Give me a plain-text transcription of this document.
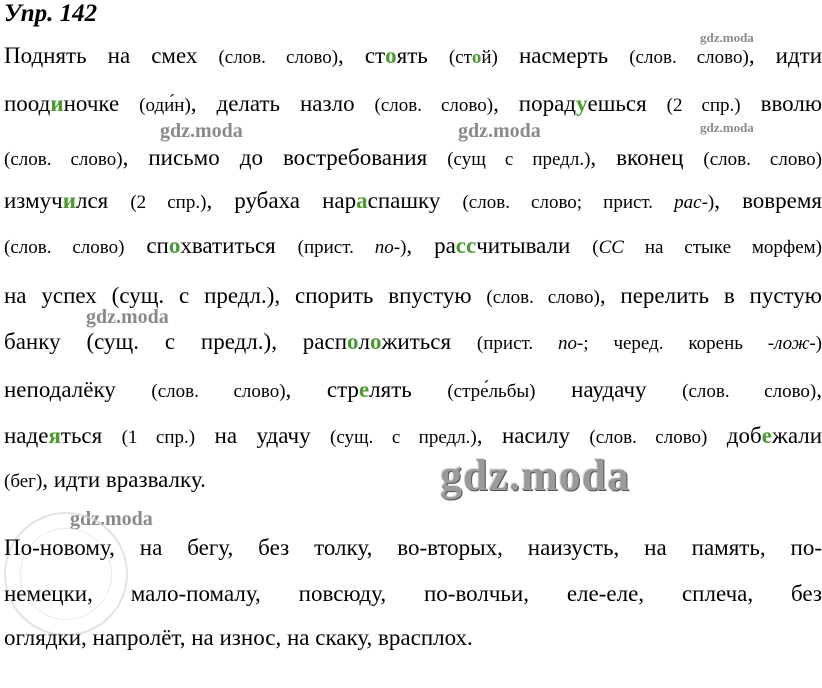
Упр. 142
gdz.moda
gdz.moda	gdz.moda	gdz.moda
gdz.moda
gdz.moda
gdz.moda
Поднять на смех (слов. слово), стоять (стой) насмерть (слов. слово), идти
поодиночке (оди́н), делать назло (слов. слово), порадуешься (2 спр.) вволю
(слов. слово), письмо до востребования (сущ с предл.), вконец (слов. слово)
измучился (2 спр.), рубаха нараспашку (слов. слово; прист. рас-), вовремя
(слов. слово) спохватиться (прист. по-), рассчитывали (СС на стыке морфем)
на успех (сущ. с предл.), спорить впустую (слов. слово), перелить в пустую
банку (сущ. с предл.), расположиться (прист. по-; черед. корень -лож-)
неподалёку (слов. слово), стрелять (стре́льбы) наудачу (слов. слово),
надеяться (1 спр.) на удачу (сущ. с предл.), насилу (слов. слово) добежали
(бег), идти вразвалку.
По-новому, на бегу, без толку, во-вторых, наизусть, на память, по-
немецки, мало-помалу, повсюду, по-волчьи, еле-еле, сплеча, без
оглядки, напролёт, на износ, на скаку, врасплох.
